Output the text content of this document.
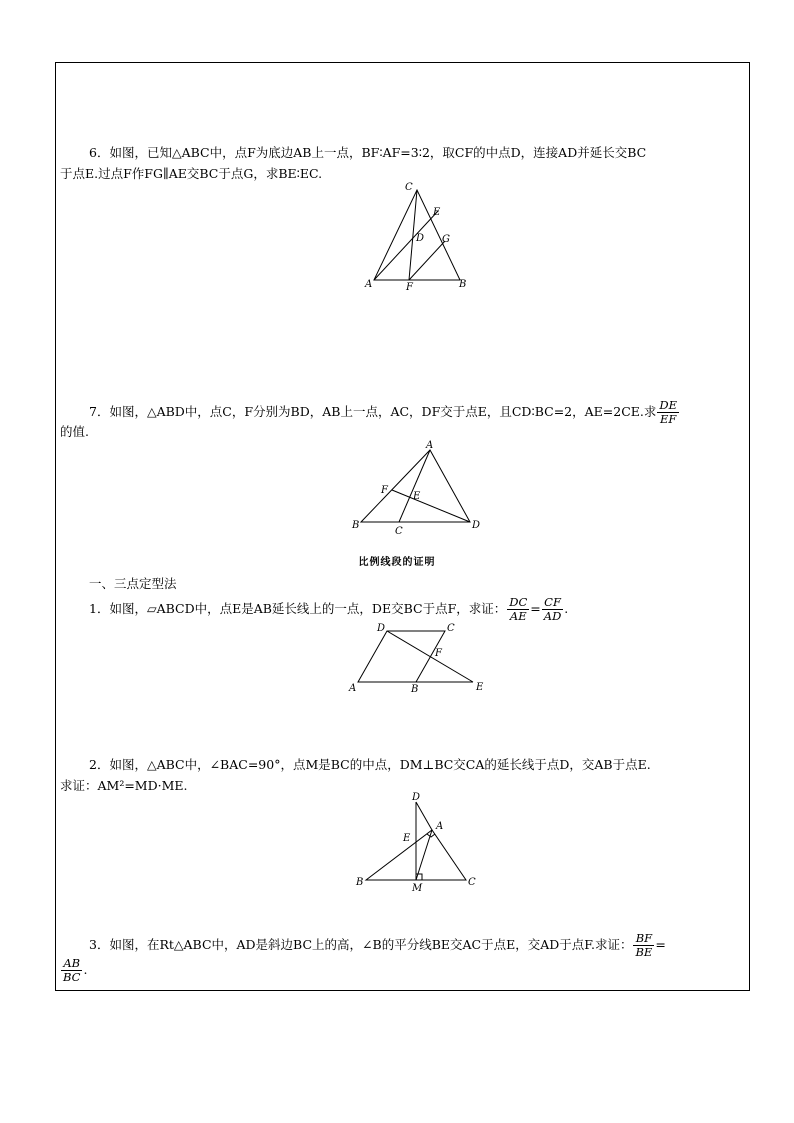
6．如图，已知△ABC中，点F为底边AB上一点，BF∶AF=3∶2，取CF的中点D，连接AD并延长交BC
于点E.过点F作FG∥AE交BC于点G，求BE∶EC.
C
E
D G
A	F	B
7．如图，△ABD中，点C，F分别为BD，AB上一点，AC，DF交于点E，且CD∶BC=2，AE=2CE.求 $\frac{DE}{EF}$
的值.
A
F
E
B
C
D
比例线段的证明
一、三点定型法
1．如图，▱ABCD中，点E是AB延长线上的一点，DE交BC于点F，求证： $\frac{DC}{AE} = \frac{CF}{AD}$ .
D	C
F
A	B	E
2．如图，△ABC中，∠BAC=90°，点M是BC的中点，DM⊥BC交CA的延长线于点D，交AB于点E.
求证：AM²=MD·ME.
D
A
E
B
M
C
3．如图，在Rt△ABC中，AD是斜边BC上的高，∠B的平分线BE交AC于点E，交AD于点F.求证： $\frac{BF}{BE}$ =
$\frac{AB}{BC}$ .
